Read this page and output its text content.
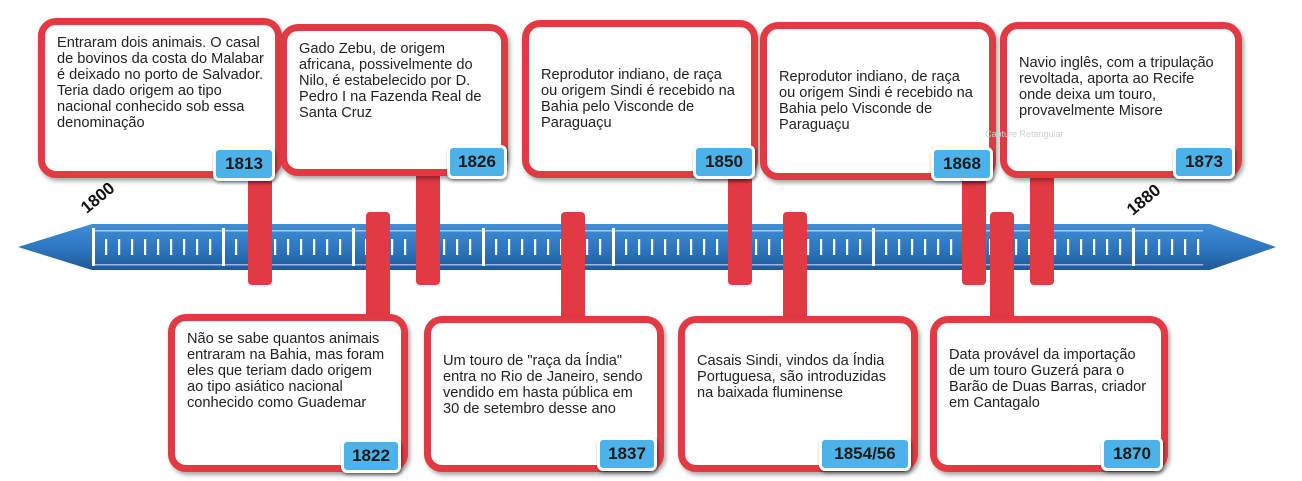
1800	1880

Entraram dois animais. O casal de bovinos da costa do Malabar é deixado no porto de Salvador. Teria dado origem ao tipo nacional conhecido sob essa denominação

1813

Gado Zebu, de origem africana, possivelmente do Nilo, é estabelecido por D. Pedro I na Fazenda Real de Santa Cruz

1826

Reprodutor indiano, de raça ou origem Sindi é recebido na Bahia pelo Visconde de Paraguaçu

1850

Reprodutor indiano, de raça ou origem Sindi é recebido na Bahia pelo Visconde de Paraguaçu

1868

Navio inglês, com a tripulação revoltada, aporta ao Recife onde deixa um touro, provavelmente Misore

1873
Capture Retangular

Não se sabe quantos animais entraram na Bahia, mas foram eles que teriam dado origem ao tipo asiático nacional conhecido como Guademar

1822

Um touro de "raça da Índia" entra no Rio de Janeiro, sendo vendido em hasta pública em 30 de setembro desse ano

1837

Casais Sindi, vindos da Índia Portuguesa, são introduzidas na baixada fluminense

1854/56

Data provável da importação de um touro Guzerá para o Barão de Duas Barras, criador em Cantagalo

1870
